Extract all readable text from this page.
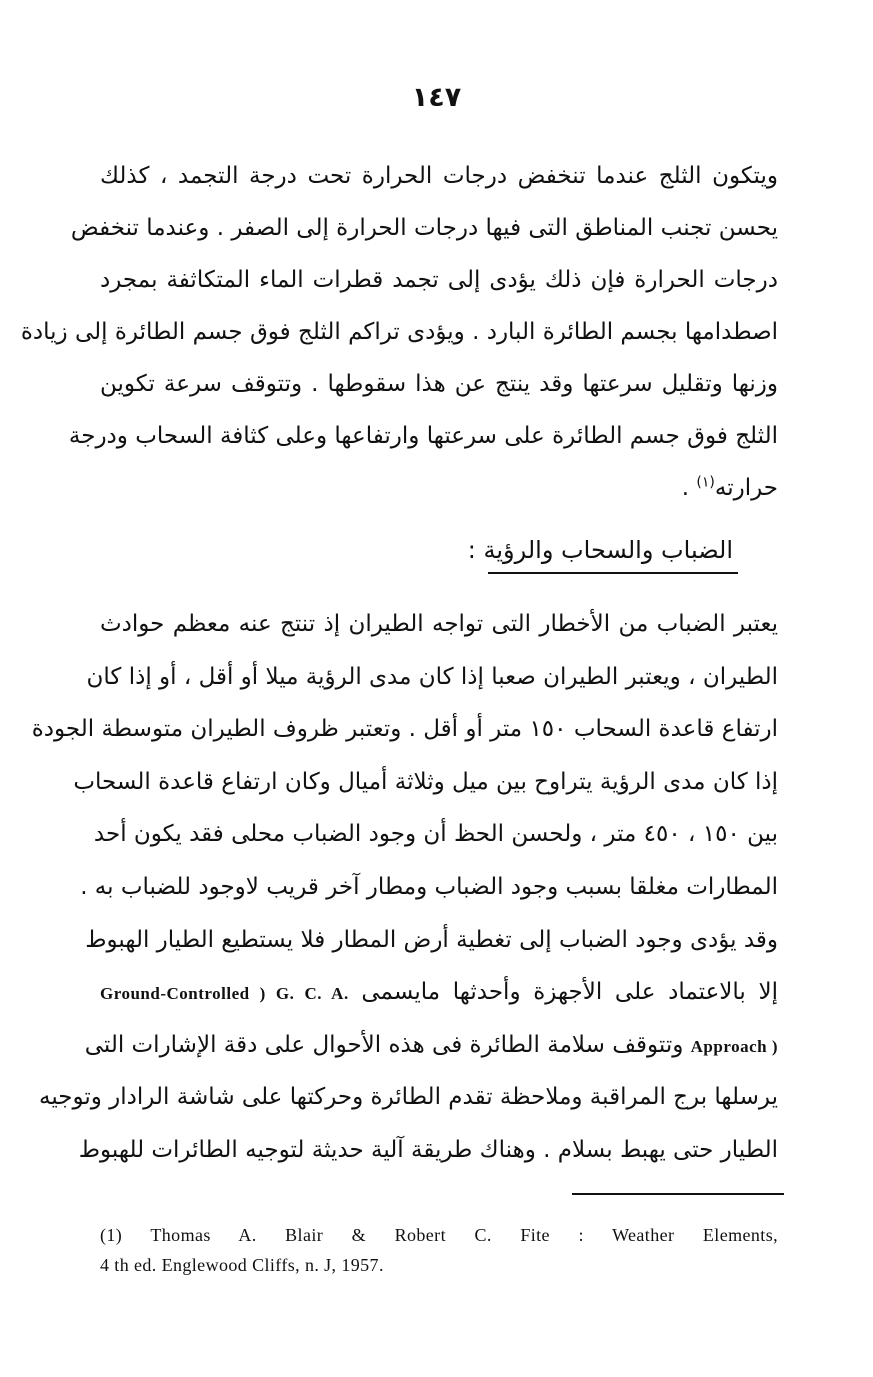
١٤٧
ويتكون الثلج عندما تنخفض درجات الحرارة تحت درجة التجمد ، كذلك
يحسن تجنب المناطق التى فيها درجات الحرارة إلى الصفر . وعندما تنخفض
درجات الحرارة فإن ذلك يؤدى إلى تجمد قطرات الماء المتكاثفة بمجرد
اصطدامها بجسم الطائرة البارد . ويؤدى تراكم الثلج فوق جسم الطائرة إلى زيادة
وزنها وتقليل سرعتها وقد ينتج عن هذا سقوطها . وتتوقف سرعة تكوين
الثلج فوق جسم الطائرة على سرعتها وارتفاعها وعلى كثافة السحاب ودرجة
حرارته$^{(١)}$ .
الضباب والسحاب والرؤية :
يعتبر الضباب من الأخطار التى تواجه الطيران إذ تنتج عنه معظم حوادث
الطيران ، ويعتبر الطيران صعبا إذا كان مدى الرؤية ميلا أو أقل ، أو إذا كان
ارتفاع قاعدة السحاب ١٥٠ متر أو أقل . وتعتبر ظروف الطيران متوسطة الجودة
إذا كان مدى الرؤية يتراوح بين ميل وثلاثة أميال وكان ارتفاع قاعدة السحاب
بين ١٥٠ ، ٤٥٠ متر ، ولحسن الحظ أن وجود الضباب محلى فقد يكون أحد
المطارات مغلقا بسبب وجود الضباب ومطار آخر قريب لاوجود للضباب به .
وقد يؤدى وجود الضباب إلى تغطية أرض المطار فلا يستطيع الطيار الهبوط
إلا بالاعتماد على الأجهزة وأحدثها مايسمى Ground-Controlled ) G. C. A.
Approach ) وتتوقف سلامة الطائرة فى هذه الأحوال على دقة الإشارات التى
يرسلها برج المراقبة وملاحظة تقدم الطائرة وحركتها على شاشة الرادار وتوجيه
الطيار حتى يهبط بسلام . وهناك طريقة آلية حديثة لتوجيه الطائرات للهبوط
(1) Thomas A. Blair & Robert C. Fite : Weather Elements,
4 th ed. Englewood Cliffs, n. J, 1957.
